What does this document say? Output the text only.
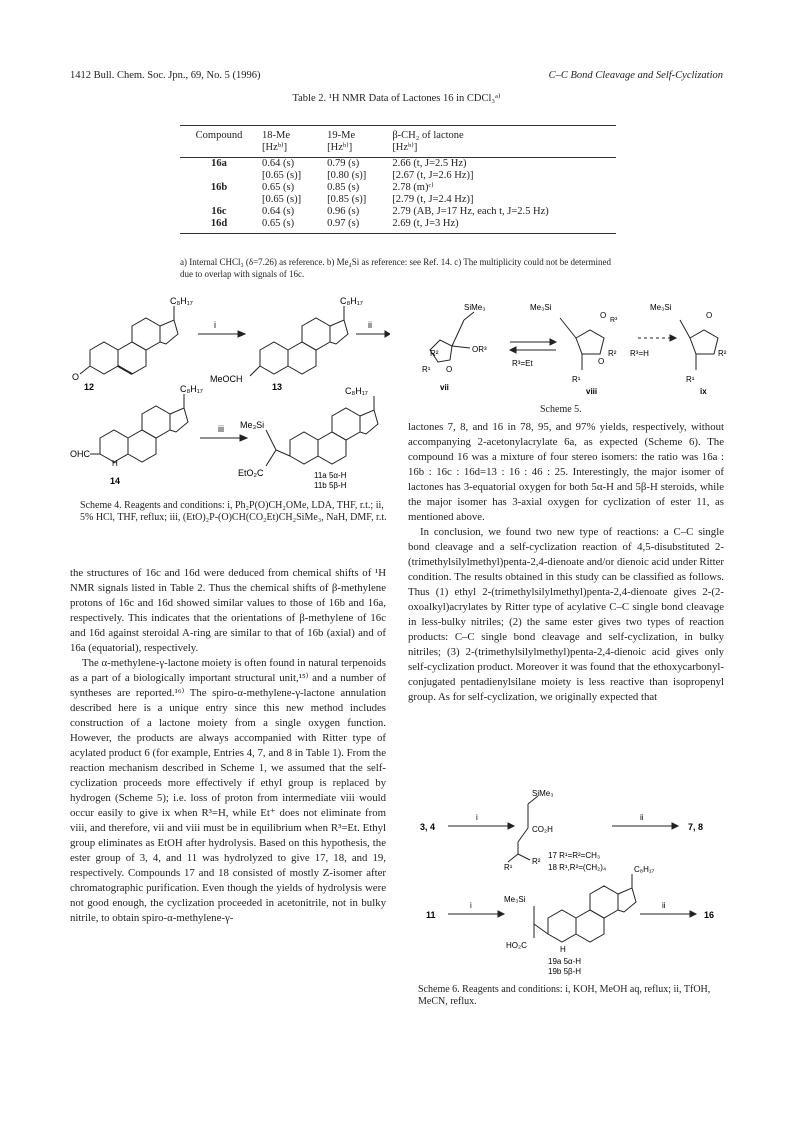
1412 Bull. Chem. Soc. Jpn., 69, No. 5 (1996)	C–C Bond Cleavage and Self-Cyclization
Table 2. ¹H NMR Data of Lactones 16 in CDCl₃ᵃ⁾
Compound	18-Me	19-Me	β-CH₂ of lactone
	[Hzᵇ⁾]	[Hzᵇ⁾]	[Hzᵇ⁾]
16a	0.64 (s)	0.79 (s)	2.66 (t, J=2.5 Hz)
	[0.65 (s)]	[0.80 (s)]	[2.67 (t, J=2.6 Hz)]
16b	0.65 (s)	0.85 (s)	2.78 (m)ᶜ⁾
	[0.65 (s)]	[0.85 (s)]	[2.79 (t, J=2.4 Hz)]
16c	0.64 (s)	0.96 (s)	2.79 (AB, J=17 Hz, each t, J=2.5 Hz)
16d	0.65 (s)	0.97 (s)	2.69 (t, J=3 Hz)
a) Internal CHCl₃ (δ=7.26) as reference. b) Me₄Si as reference: see Ref. 14. c) The multiplicity could not be determined due to overlap with signals of 16c.
C₈H₁₇	C₈H₁₇
C₈H₁₇	C₈H₁₇
O	MeOCH
OHC
H
Me₃Si
EtO₂C
i	ii
iii
12	13
14
11a 5α-H
11b 5β-H
Scheme 4. Reagents and conditions: i, Ph₂P(O)CH₂OMe, LDA, THF, r.t.; ii, 5% HCl, THF, reflux; iii, (EtO)₂P-(O)CH(CO₂Et)CH₂SiMe₃, NaH, DMF, r.t.
SiMe₃
OR³
O
R¹
R²
Me₃Si
O
R³
O
R²
R¹
R³=Et
Me₃Si
O
R²
R¹
R³=H
vii	viii	ix
Scheme 5.

the structures of 16c and 16d were deduced from chemical shifts of ¹H NMR signals listed in Table 2. Thus the chemical shifts of β-methylene protons of 16c and 16d showed similar values to those of 16b and 16a, respectively. This indicates that the orientations of β-methylene of 16c and 16d against steroidal A-ring are similar to that of 16b (axial) and of 16a (equatorial), respectively.

The α-methylene-γ-lactone moiety is often found in natural terpenoids as a part of a biologically important structural unit,¹⁵⁾ and a number of syntheses are reported.¹⁶⁾ The spiro-α-methylene-γ-lactone annulation described here is a unique entry since this new method includes construction of a lactone moiety from a single oxygen function. However, the products are always accompanied with Ritter type of acylated product 6 (for example, Entries 4, 7, and 8 in Table 1). From the reaction mechanism described in Scheme 1, we assumed that the self-cyclization proceeds more effectively if ethyl group is replaced by hydrogen (Scheme 5); i.e. loss of proton from intermediate viii would occur easily to give ix when R³=H, while Et⁺ does not eliminate from viii, and therefore, vii and viii must be in equilibrium when R³=Et. Ethyl group eliminates as EtOH after hydrolysis. Based on this hypothesis, the ester group of 3, 4, and 11 was hydrolyzed to give 17, 18, and 19, respectively. Compounds 17 and 18 consisted of mostly Z-isomer after chromatographic purification. Even though the yields of hydrolysis were not good enough, the cyclization proceeded in acetonitrile, not in bulky nitrile, to obtain spiro-α-methylene-γ-

lactones 7, 8, and 16 in 78, 95, and 97% yields, respectively, without accompanying 2-acetonylacrylate 6a, as expected (Scheme 6). The compound 16 was a mixture of four stereo isomers: the ratio was 16a : 16b : 16c : 16d=13 : 16 : 46 : 25. Interestingly, the major isomer of lactones has 3-equatorial oxygen for both 5α-H and 5β-H steroids, while the major isomer has 3-axial oxygen for cyclization of ester 11, as mentioned above.

In conclusion, we found two new type of reactions: a C–C single bond cleavage and a self-cyclization reaction of 4,5-disubstituted 2-(trimethylsilylmethyl)penta-2,4-dienoate and/or dienoic acid under Ritter condition. The results obtained in this study can be classified as follows. Thus (1) ethyl 2-(trimethylsilylmethyl)penta-2,4-dienoate gives 2-(2-oxoalkyl)acrylates by Ritter type of acylative C–C single bond cleavage in less-bulky nitriles; (2) the same ester gives two types of reaction products: C–C single bond cleavage and self-cyclization, in bulky nitriles; (3) 2-(trimethylsilylmethyl)penta-2,4-dienoic acid gives only self-cyclization product. Moreover it was found that the ethoxycarbonyl-conjugated pentadienylsilane moiety is less reactive than isopropenyl group. As for self-cyclization, we originally expected that

3, 4
i
SiMe₃
CO₂H
R¹
R²
17 R¹=R²=CH₃
18 R¹,R²=(CH₂)₄
ii
7, 8
11
i
C₈H₁₇
Me₃Si
HO₂C	H
ii
16
19a 5α-H
19b 5β-H
Scheme 6. Reagents and conditions: i, KOH, MeOH aq, reflux; ii, TfOH, MeCN, reflux.
